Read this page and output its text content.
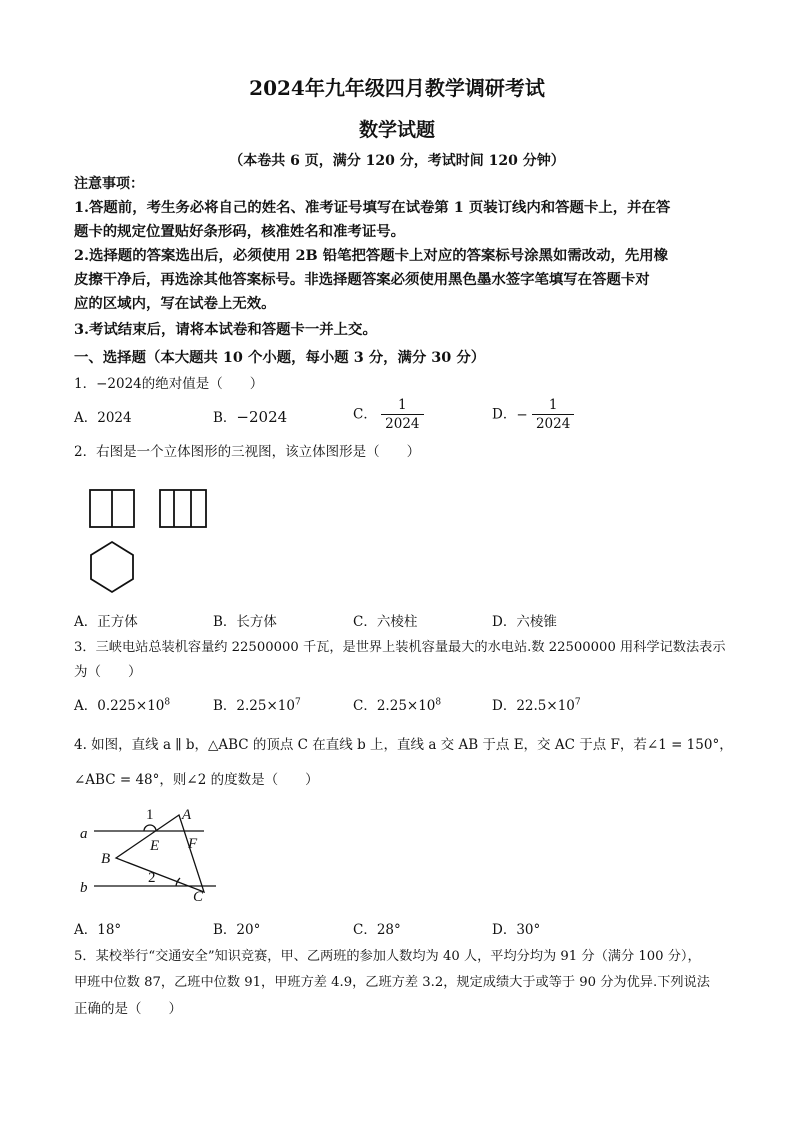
2024年九年级四月教学调研考试
数学试题
（本卷共 6 页，满分 120 分，考试时间 120 分钟）
注意事项：
1.答题前，考生务必将自己的姓名、准考证号填写在试卷第 1 页装订线内和答题卡上，并在答
题卡的规定位置贴好条形码，核准姓名和准考证号。
2.选择题的答案选出后，必须使用 2B 铅笔把答题卡上对应的答案标号涂黑如需改动，先用橡
皮擦干净后，再选涂其他答案标号。非选择题答案必须使用黑色墨水签字笔填写在答题卡对
应的区域内，写在试卷上无效。
3.考试结束后，请将本试卷和答题卡一并上交。
一、选择题（本大题共 10 个小题，每小题 3 分，满分 30 分）
1．−2024的绝对值是（　　）
A．2024	B．−2024	C． $\frac{1}{2024}$	D．− $\frac{1}{2024}$
2．右图是一个立体图形的三视图，该立体图形是（　　）
A．正方体	B．长方体	C．六棱柱	D．六棱锥
3．三峡电站总装机容量约 22500000 千瓦，是世界上装机容量最大的水电站.数 22500000 用科学记数法表示
为（　　）
A．$0.225\times 10^8$	B．$2.25\times 10^7$	C．$2.25\times 10^8$	D．$22.5\times 10^7$
4. 如图，直线 a ∥ b，△ABC 的顶点 C 在直线 b 上，直线 a 交 AB 于点 E，交 AC 于点 F，若∠1 = 150°，
∠ABC = 48°，则∠2 的度数是（　　）
1 A
a
E F
B
2
b
C
A．18°	B．20°	C．28°	D．30°
5．某校举行“交通安全”知识竞赛，甲、乙两班的参加人数均为 40 人，平均分均为 91 分（满分 100 分），
甲班中位数 87，乙班中位数 91，甲班方差 4.9，乙班方差 3.2，规定成绩大于或等于 90 分为优异.下列说法
正确的是（　　）
